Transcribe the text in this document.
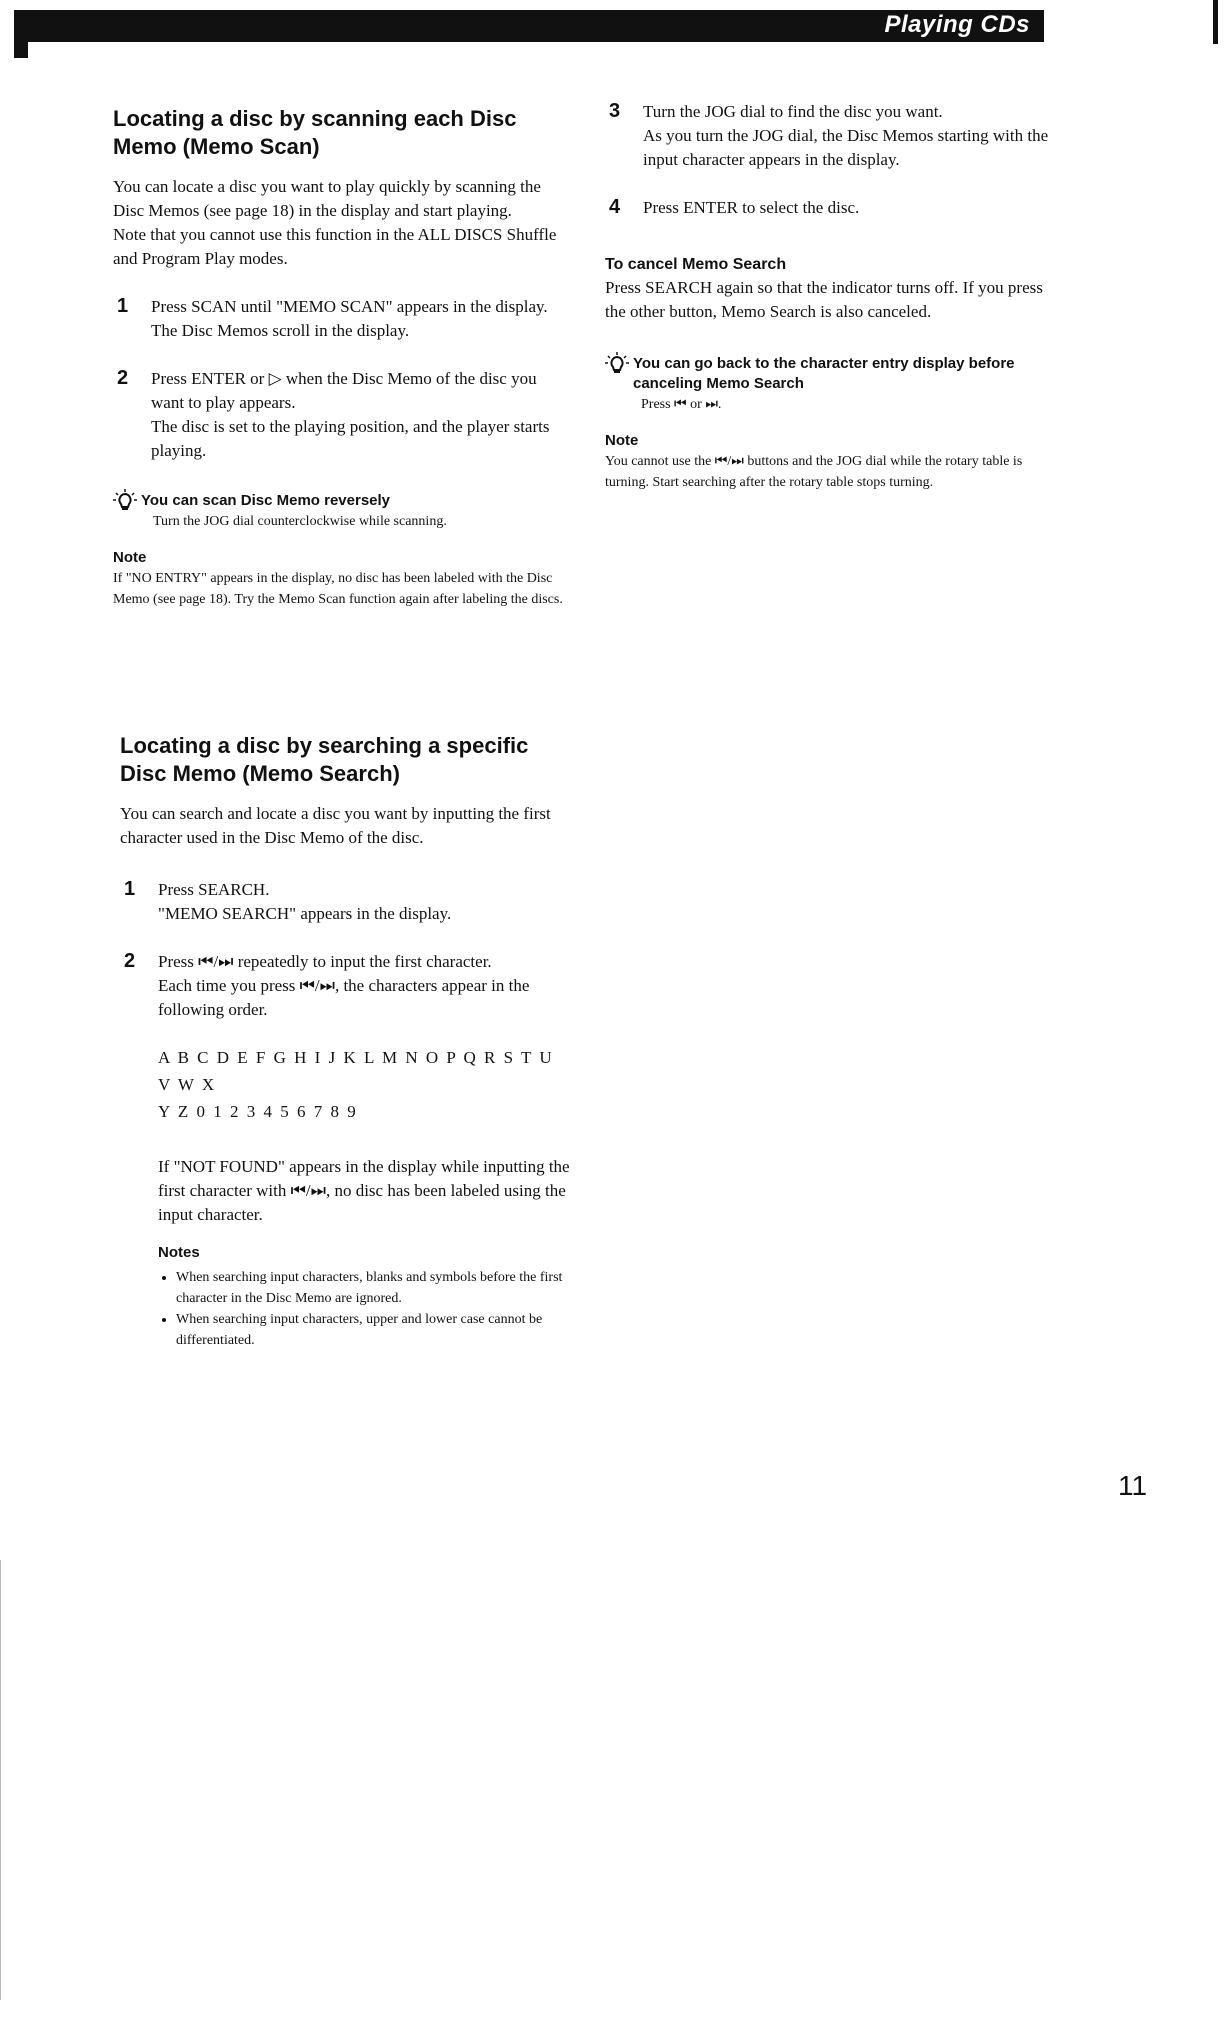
Playing CDs
Locating a disc by scanning each Disc Memo (Memo Scan)

You can locate a disc you want to play quickly by scanning the Disc Memos (see page 18) in the display and start playing.

Note that you cannot use this function in the ALL DISCS Shuffle and Program Play modes.

1 Press SCAN until "MEMO SCAN" appears in the display.

The Disc Memos scroll in the display.

2 Press ENTER or ▷ when the Disc Memo of the disc you want to play appears.

The disc is set to the playing position, and the player starts playing.

You can scan Disc Memo reversely
Turn the JOG dial counterclockwise while scanning.
Note
If "NO ENTRY" appears in the display, no disc has been labeled with the Disc Memo (see page 18). Try the Memo Scan function again after labeling the discs.
Locating a disc by searching a specific Disc Memo (Memo Search)

You can search and locate a disc you want by inputting the first character used in the Disc Memo of the disc.

1 Press SEARCH.

"MEMO SEARCH" appears in the display.

2 Press ⏮/⏭ repeatedly to input the first character.

Each time you press ⏮/⏭, the characters appear in the following order.

A B C D E F G H I J K L M N O P Q R S T U V W X
Y Z 0 1 2 3 4 5 6 7 8 9

If "NOT FOUND" appears in the display while inputting the first character with ⏮/⏭, no disc has been labeled using the input character.

Notes
• When searching input characters, blanks and symbols before the first character in the Disc Memo are ignored.
• When searching input characters, upper and lower case cannot be differentiated.
3 Turn the JOG dial to find the disc you want.

As you turn the JOG dial, the Disc Memos starting with the input character appears in the display.

4 Press ENTER to select the disc.

To cancel Memo Search

Press SEARCH again so that the indicator turns off. If you press the other button, Memo Search is also canceled.

You can go back to the character entry display before canceling Memo Search
Press ⏮ or ⏭.
Note
You cannot use the ⏮/⏭ buttons and the JOG dial while the rotary table is turning. Start searching after the rotary table stops turning.
11
